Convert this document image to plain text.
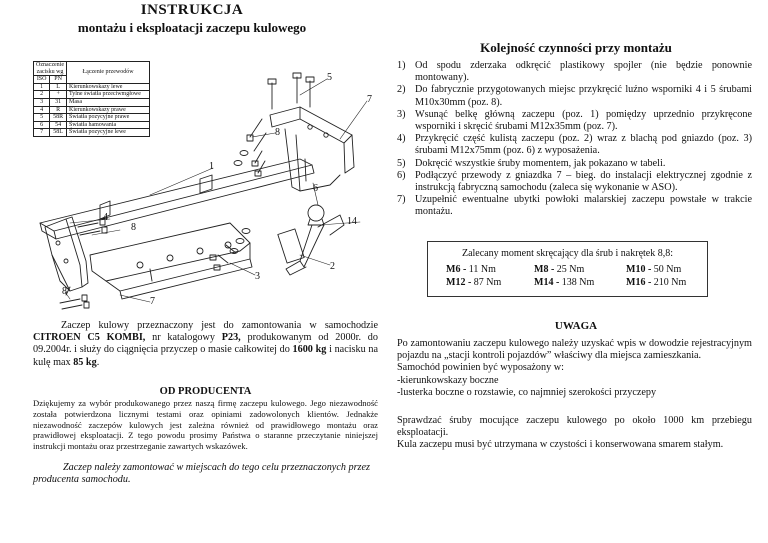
INSTRUKCJA
montażu i eksploatacji zaczepu kulowego
Kolejność czynności przy montażu
Oznaczenie
zacisku wg		Łączenie przewodów
ISO	PN	
1	L	Kierunkowskazy lewe
2	+	Tylne światła przeciwmgłowe
3	31	Masa
4	R	Kierunkowskazy prawe
5	58R	Światła pozycyjne prawe
6	54	Światła hamowania
7	58L	Światła pozycyjne lewe
5
7
8
1
6
4
8
14
2
3
8
7
1) Od spodu zderzaka odkręcić plastikowy spojler (nie będzie ponownie montowany).
2) Do fabrycznie przygotowanych miejsc przykręcić luźno wsporniki 4 i 5 śrubami M10x30mm (poz. 8).
3) Wsunąć belkę główną zaczepu (poz. 1) pomiędzy uprzednio przykręcone wsporniki i skręcić śrubami M12x35mm (poz. 7).
4) Przykręcić część kulistą zaczepu (poz. 2) wraz z blachą pod gniazdo (poz. 3) śrubami M12x75mm (poz. 6) z wyposażenia.
5) Dokręcić wszystkie śruby momentem, jak pokazano w tabeli.
6) Podłączyć przewody z gniazdka 7 – bieg. do instalacji elektrycznej zgodnie z instrukcją fabryczną samochodu (zaleca się wykonanie w ASO).
7) Uzupełnić ewentualne ubytki powłoki malarskiej zaczepu powstałe w trakcie montażu.
Zalecany moment skręcający dla śrub i nakrętek 8,8:
M6 - 11 Nm	M8 - 25 Nm	M10 - 50 Nm
M12 - 87 Nm	M14 - 138 Nm	M16 - 210 Nm
Zaczep kulowy przeznaczony jest do zamontowania w samochodzie CITROEN C5 KOMBI, nr katalogowy P23, produkowanym od 2000r. do 09.2004r. i służy do ciągnięcia przyczep o masie całkowitej do 1600 kg i nacisku na kulę max 85 kg.
OD PRODUCENTA
Dziękujemy za wybór produkowanego przez naszą firmę zaczepu kulowego. Jego niezawodność została potwierdzona licznymi testami oraz opiniami zadowolonych klientów. Jednakże niezawodność zaczepów kulowych jest zależna również od prawidłowego montażu oraz prawidłowej eksploatacji. Z tego powodu prosimy Państwa o staranne przeczytanie niniejszej instrukcji montażu oraz przestrzeganie zawartych wskazówek.
Zaczep należy zamontować w miejscach do tego celu przeznaczonych przez producenta samochodu.
UWAGA
Po zamontowaniu zaczepu kulowego należy uzyskać wpis w dowodzie rejestracyjnym pojazdu na „stacji kontroli pojazdów” właściwy dla miejsca zamieszkania.
Samochód powinien być wyposażony w:
-kierunkowskazy boczne
-lusterka boczne o rozstawie, co najmniej szerokości przyczepy
Sprawdzać śruby mocujące zaczepu kulowego po około 1000 km przebiegu eksploatacji.
Kula zaczepu musi być utrzymana w czystości i konserwowana smarem stałym.
